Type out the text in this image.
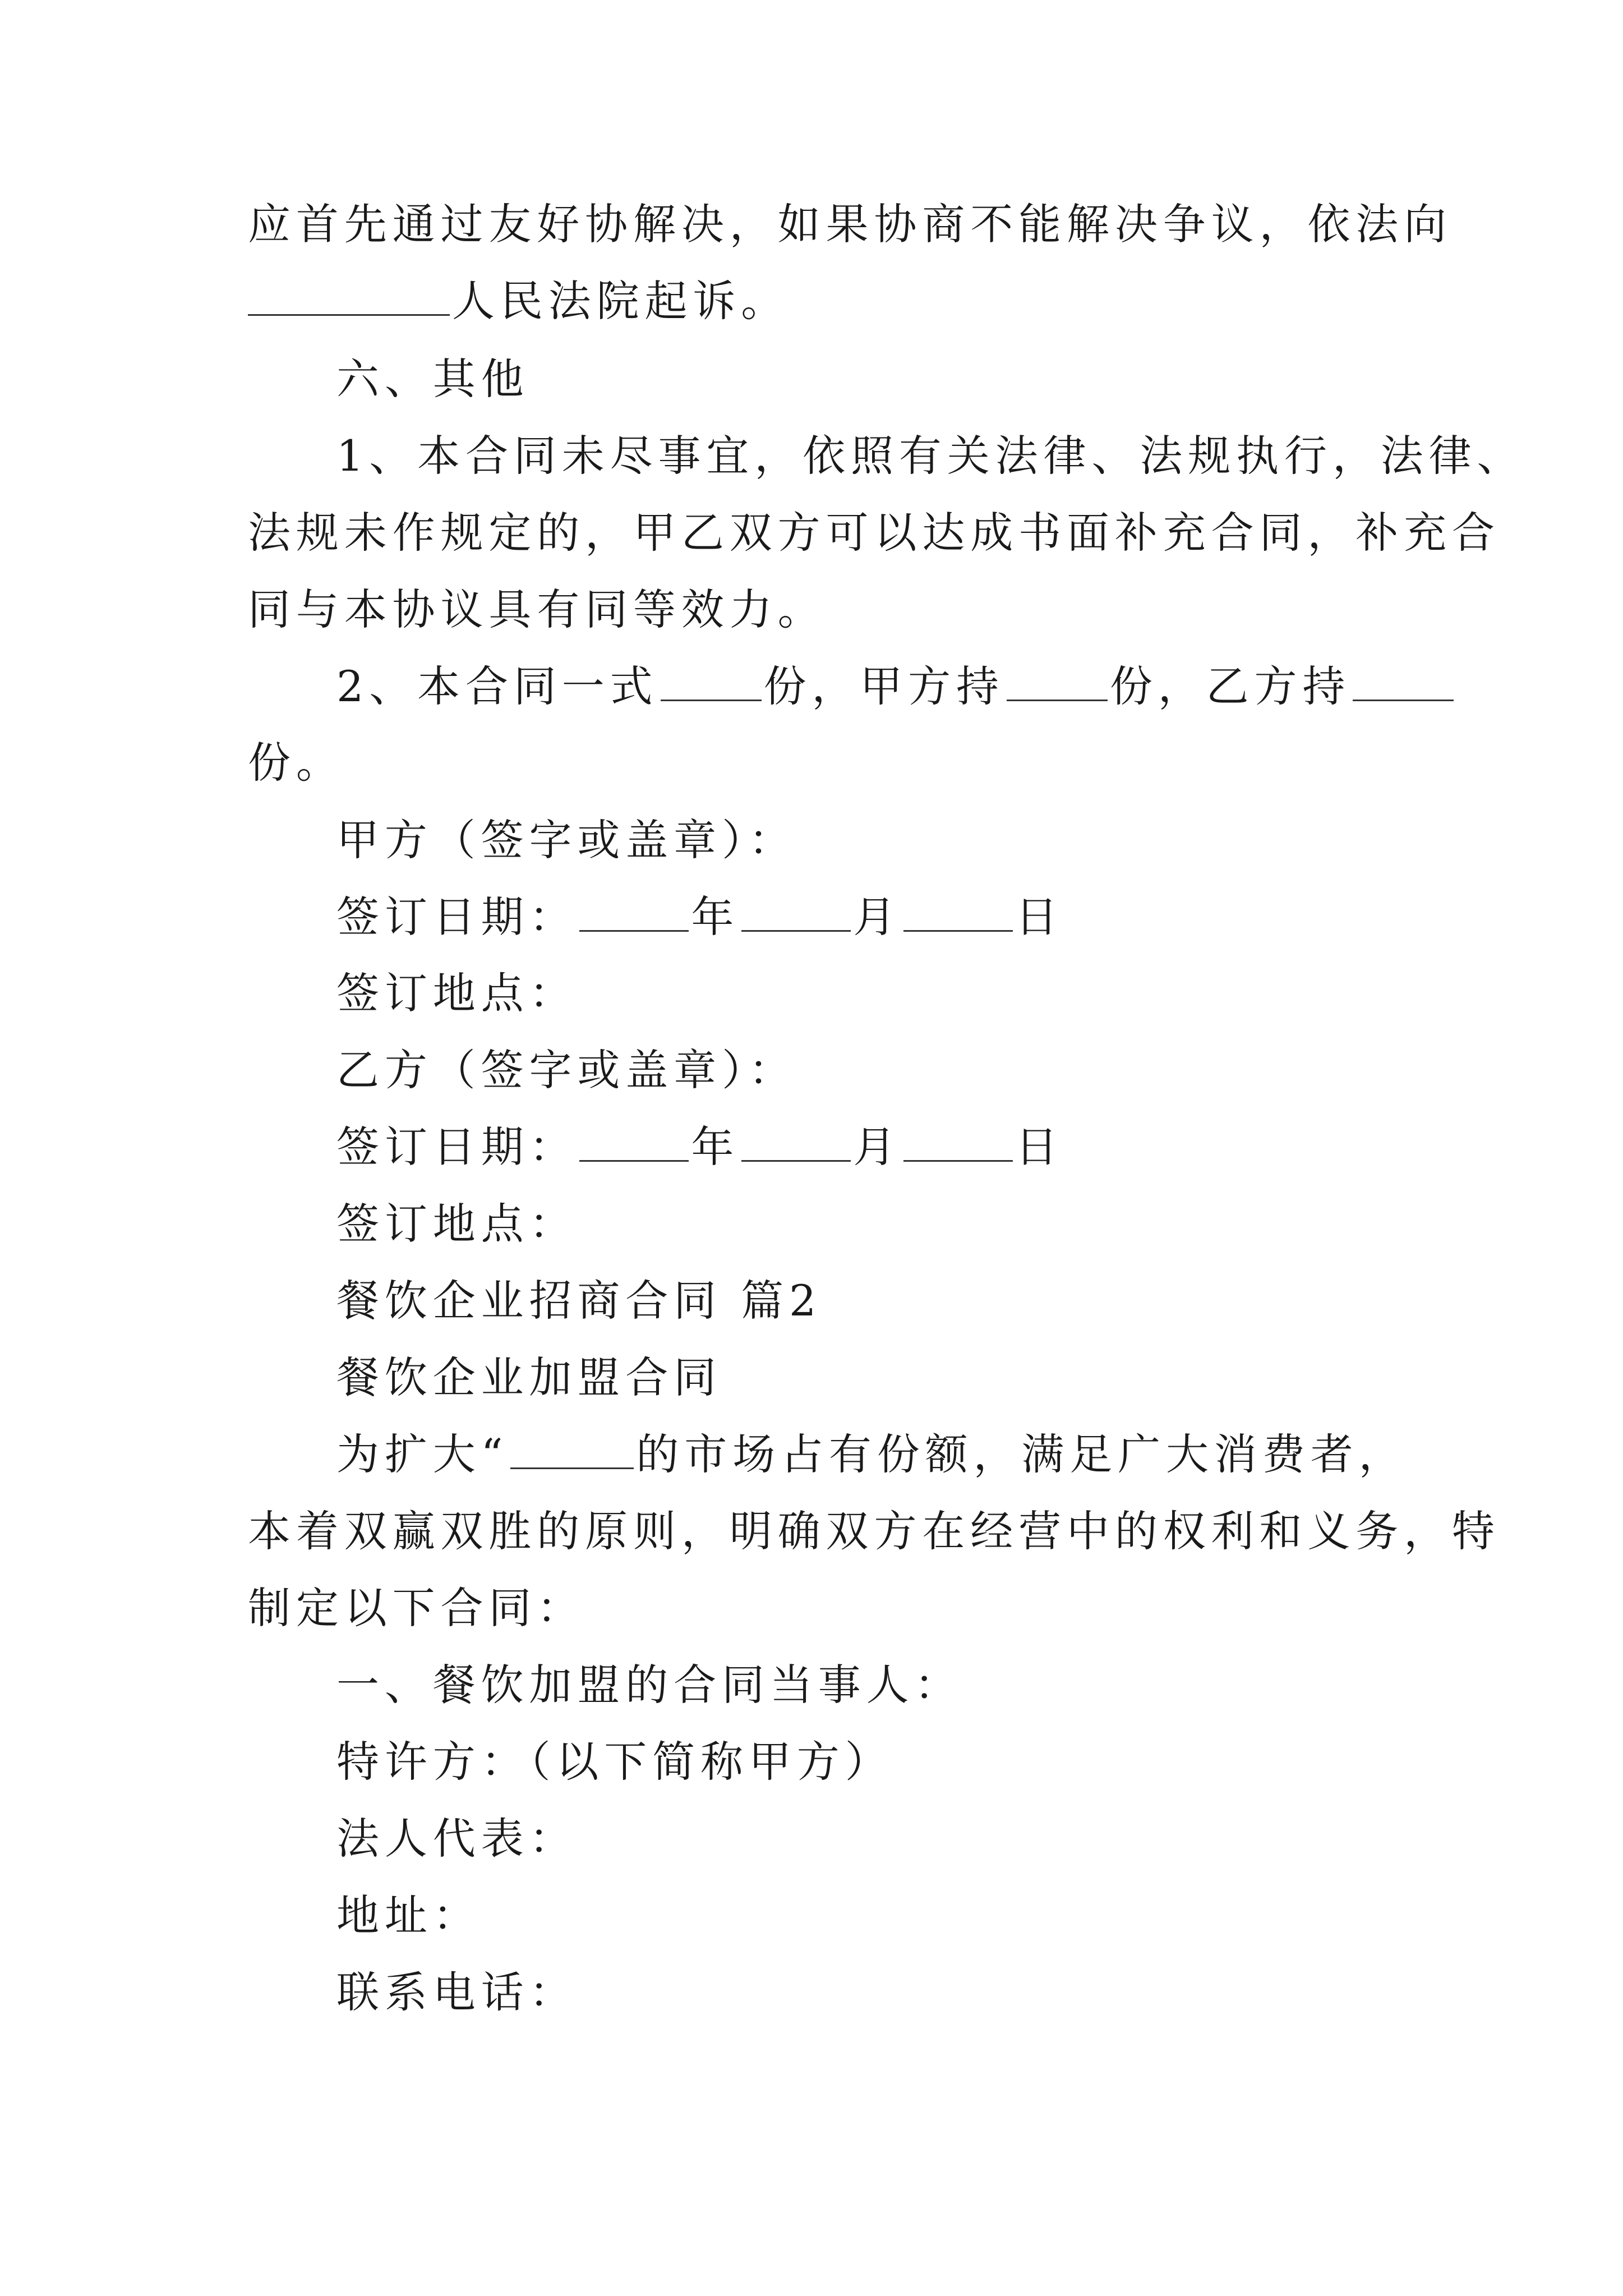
应首先通过友好协解决，如果协商不能解决争议，依法向
人民法院起诉。
六、其他
1、本合同未尽事宜，依照有关法律、法规执行，法律、
法规未作规定的，甲乙双方可以达成书面补充合同，补充合
同与本协议具有同等效力。
2、本合同一式 份，甲方持 份，乙方持
份。
甲方（签字或盖章）：
签订日期：	年	月	日
签订地点：
乙方（签字或盖章）：
签订日期：	年	月	日
签订地点：
餐饮企业招商合同 篇2
餐饮企业加盟合同
为扩大“	的市场占有份额，满足广大消费者，
本着双赢双胜的原则，明确双方在经营中的权利和义务，特
制定以下合同：
一、餐饮加盟的合同当事人：
特许方：（以下简称甲方）
法人代表：
地址：
联系电话：
